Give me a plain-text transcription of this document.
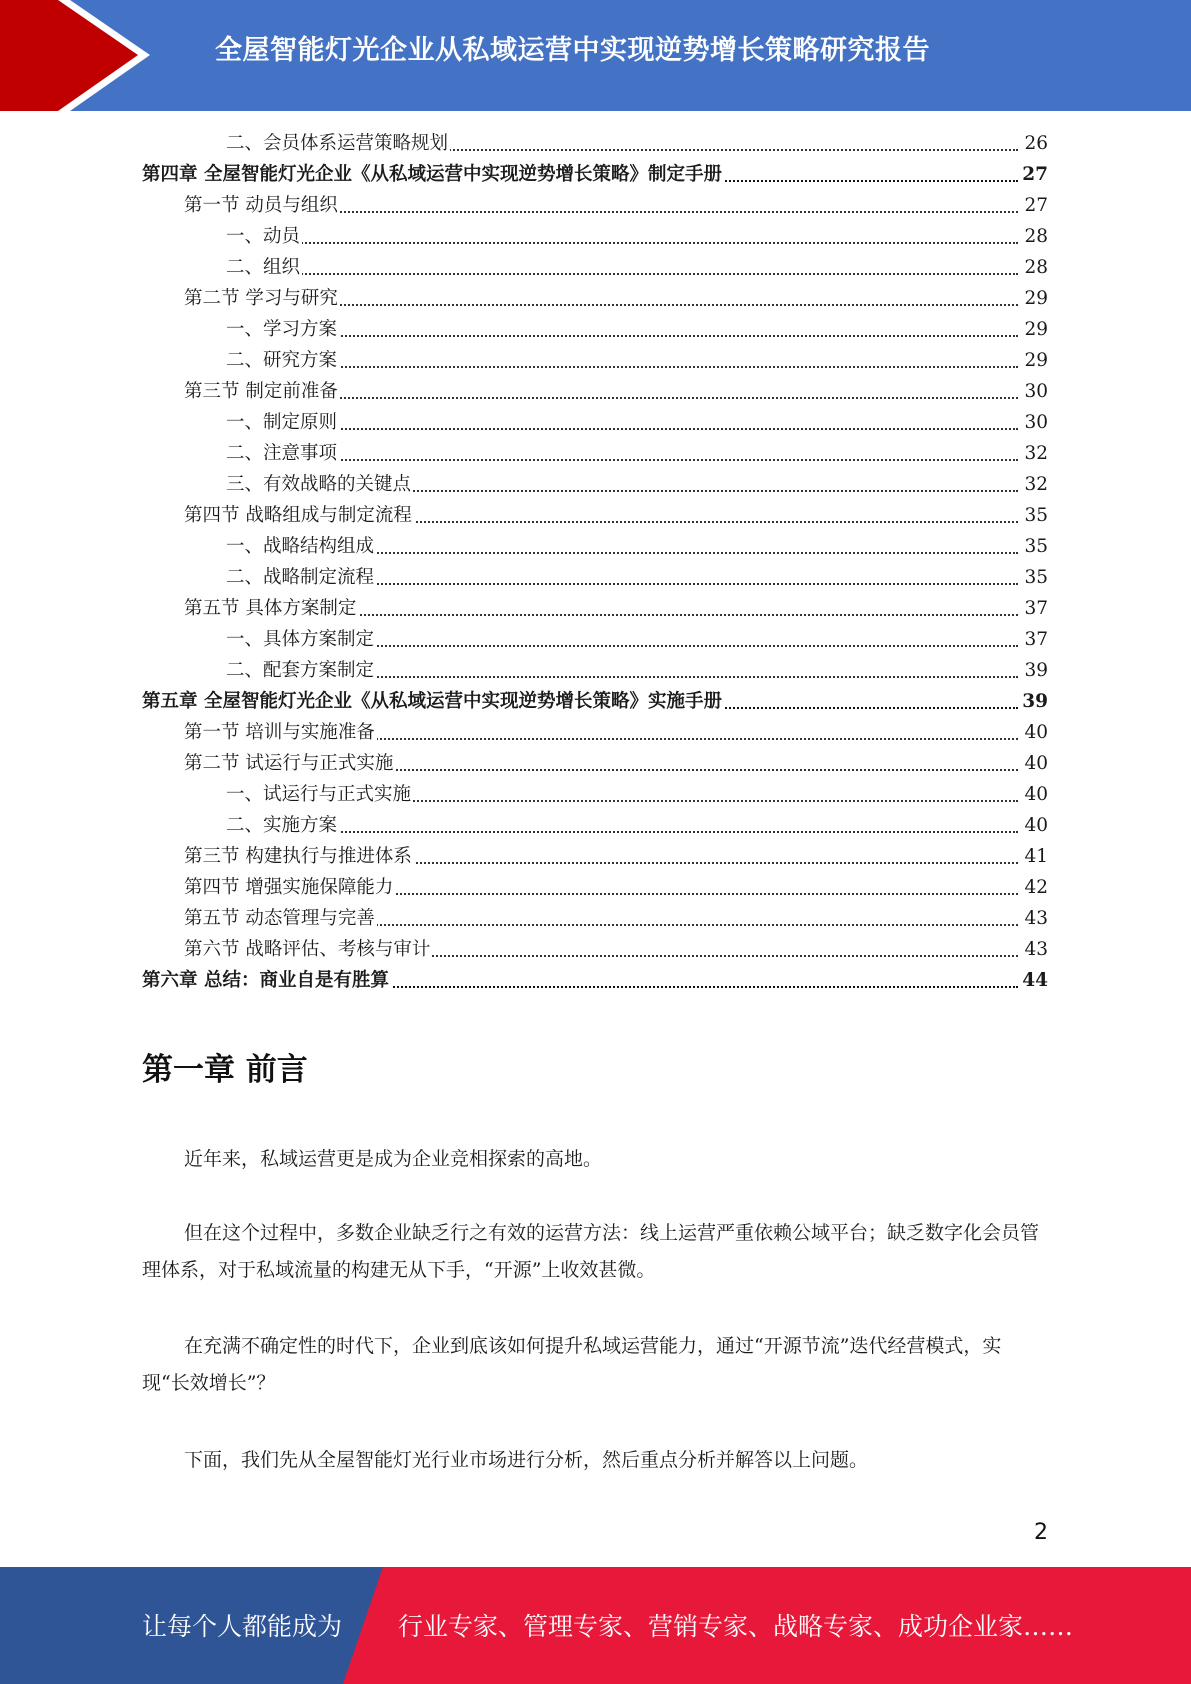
全屋智能灯光企业从私域运营中实现逆势增长策略研究报告
二、会员体系运营策略规划	26
第四章 全屋智能灯光企业《从私域运营中实现逆势增长策略》制定手册	27
第一节 动员与组织	27
一、动员	28
二、组织	28
第二节 学习与研究	29
一、学习方案	29
二、研究方案	29
第三节 制定前准备	30
一、制定原则	30
二、注意事项	32
三、有效战略的关键点	32
第四节 战略组成与制定流程	35
一、战略结构组成	35
二、战略制定流程	35
第五节 具体方案制定	37
一、具体方案制定	37
二、配套方案制定	39
第五章 全屋智能灯光企业《从私域运营中实现逆势增长策略》实施手册	39
第一节 培训与实施准备	40
第二节 试运行与正式实施	40
一、试运行与正式实施	40
二、实施方案	40
第三节 构建执行与推进体系	41
第四节 增强实施保障能力	42
第五节 动态管理与完善	43
第六节 战略评估、考核与审计	43
第六章 总结：商业自是有胜算	44
第一章 前言
近年来，私域运营更是成为企业竞相探索的高地。
但在这个过程中，多数企业缺乏行之有效的运营方法：线上运营严重依赖公域平台；缺乏数字化会员管理体系，对于私域流量的构建无从下手，“开源”上收效甚微。
在充满不确定性的时代下，企业到底该如何提升私域运营能力，通过“开源节流”迭代经营模式，实现“长效增长”？
下面，我们先从全屋智能灯光行业市场进行分析，然后重点分析并解答以上问题。
2
让每个人都能成为 行业专家、管理专家、营销专家、战略专家、成功企业家……
